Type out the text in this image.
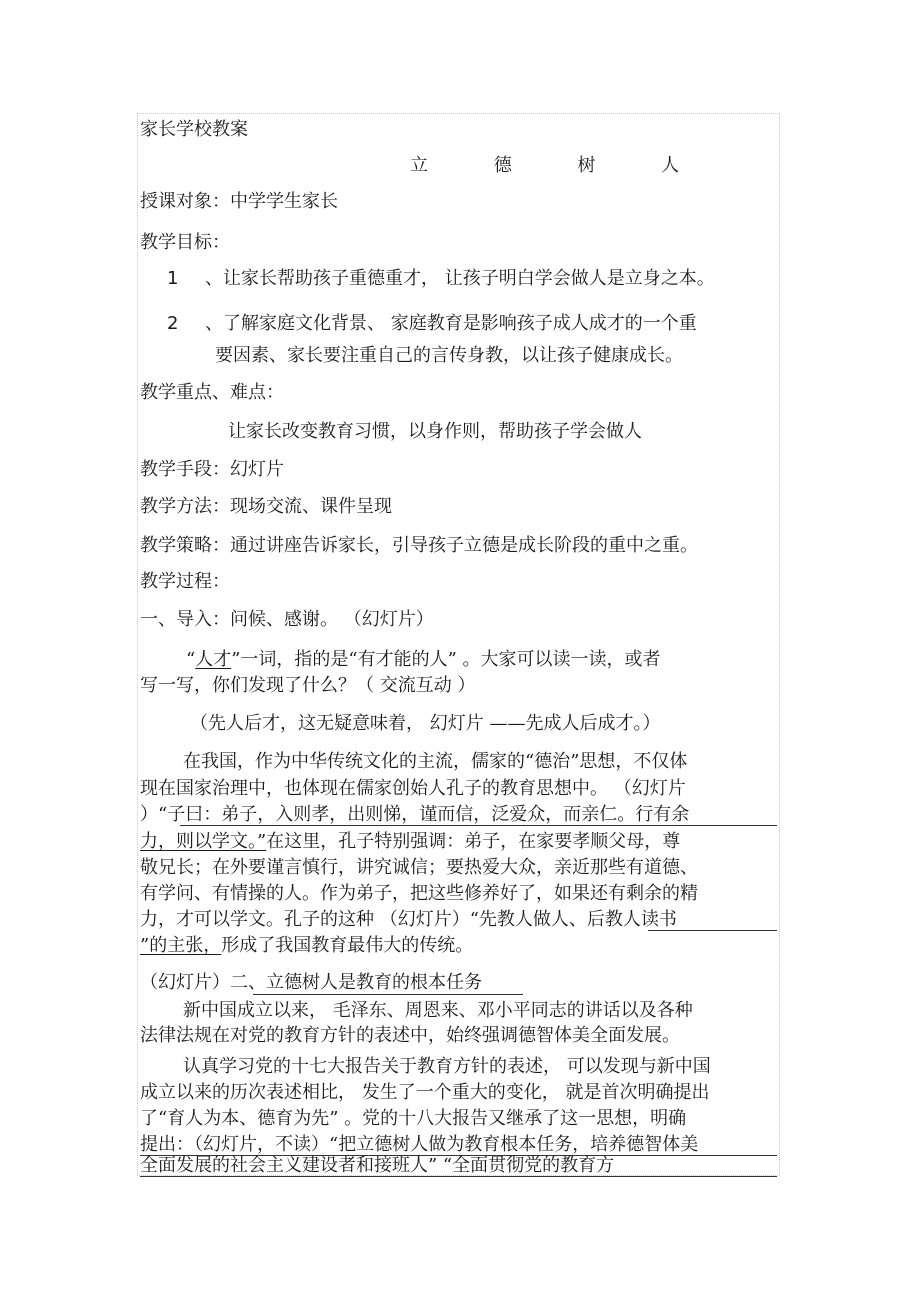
家长学校教案
立 德 树 人
授课对象：中学学生家长
教学目标：
1 、让家长帮助孩子重德重才， 让孩子明白学会做人是立身之本。
2 、了解家庭文化背景、 家庭教育是影响孩子成人成才的一个重
要因素、家长要注重自己的言传身教，以让孩子健康成长。
教学重点、难点：
让家长改变教育习惯，以身作则，帮助孩子学会做人
教学手段：幻灯片
教学方法：现场交流、课件呈现
教学策略：通过讲座告诉家长，引导孩子立德是成长阶段的重中之重。
教学过程：
一、导入：问候、感谢。 （幻灯片）
“人才”一词，指的是“有才能的人” 。大家可以读一读，或者
写一写，你们发现了什么？（ 交流互动 ）
（先人后才，这无疑意味着， 幻灯片 ——先成人后成才。）
在我国，作为中华传统文化的主流，儒家的“德治”思想，不仅体
现在国家治理中，也体现在儒家创始人孔子的教育思想中。 （幻灯片
）“子曰：弟子，入则孝，出则悌，谨而信，泛爱众，而亲仁。行有余
力，则以学文。”在这里，孔子特别强调：弟子，在家要孝顺父母，尊
敬兄长；在外要谨言慎行，讲究诚信；要热爱大众，亲近那些有道德、
有学问、有情操的人。作为弟子，把这些修养好了，如果还有剩余的精
力，才可以学文。孔子的这种 （幻灯片）“先教人做人、后教人读书
”的主张，形成了我国教育最伟大的传统。
（幻灯片）二、立德树人是教育的根本任务
新中国成立以来， 毛泽东、周恩来、邓小平同志的讲话以及各种
法律法规在对党的教育方针的表述中，始终强调德智体美全面发展。
认真学习党的十七大报告关于教育方针的表述， 可以发现与新中国
成立以来的历次表述相比， 发生了一个重大的变化， 就是首次明确提出
了“育人为本、德育为先” 。党的十八大报告又继承了这一思想，明确
提出：（幻灯片，不读）“把立德树人做为教育根本任务，培养德智体美
全面发展的社会主义建设者和接班人” “全面贯彻党的教育方
